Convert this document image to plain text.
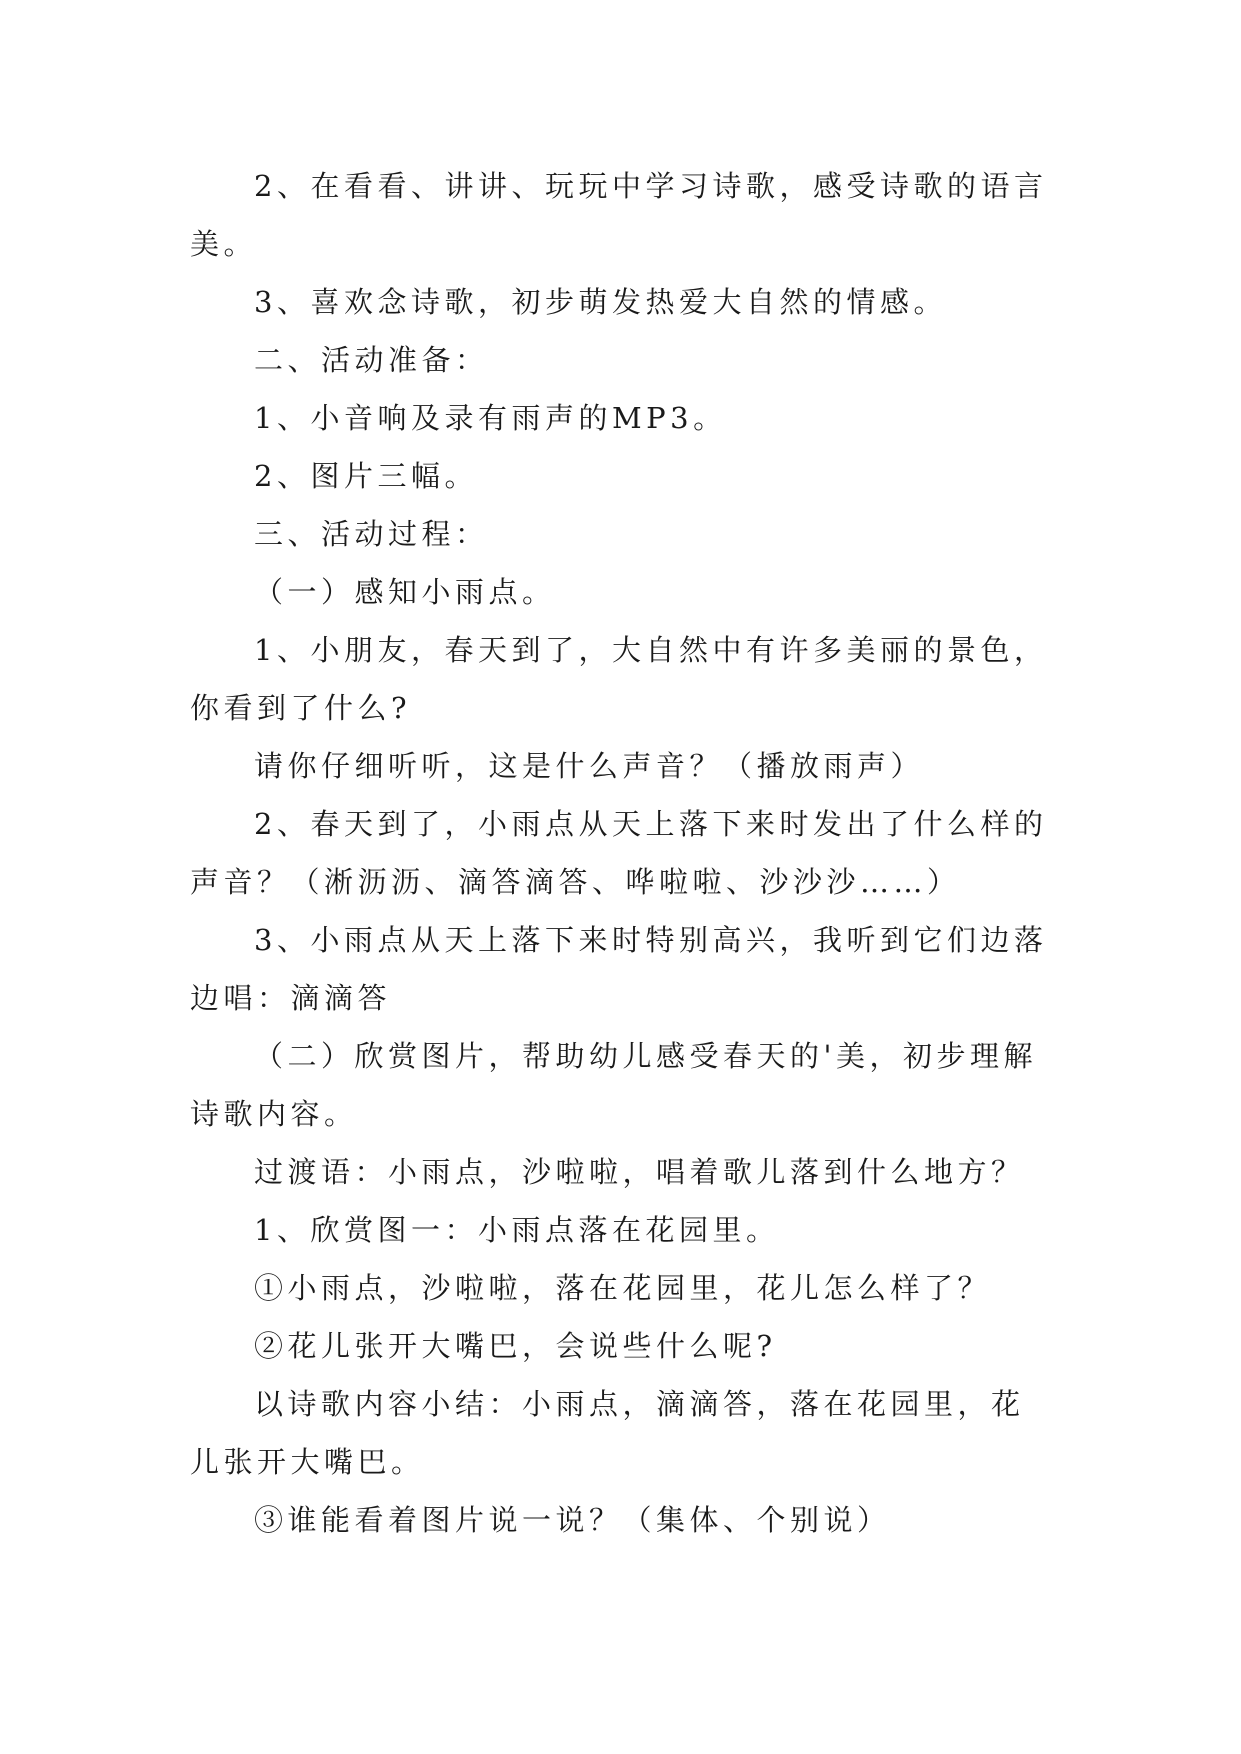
2、在看看、讲讲、玩玩中学习诗歌，感受诗歌的语言美。

3、喜欢念诗歌，初步萌发热爱大自然的情感。

二、活动准备：

1、小音响及录有雨声的MP3。

2、图片三幅。

三、活动过程：

（一）感知小雨点。

1、小朋友，春天到了，大自然中有许多美丽的景色，你看到了什么?

请你仔细听听，这是什么声音？（播放雨声）

2、春天到了，小雨点从天上落下来时发出了什么样的声音？（淅沥沥、滴答滴答、哗啦啦、沙沙沙……）

3、小雨点从天上落下来时特别高兴，我听到它们边落边唱：滴滴答

（二）欣赏图片，帮助幼儿感受春天的'美，初步理解诗歌内容。

过渡语：小雨点，沙啦啦，唱着歌儿落到什么地方？

1、欣赏图一：小雨点落在花园里。

①小雨点，沙啦啦，落在花园里，花儿怎么样了？

②花儿张开大嘴巴，会说些什么呢?

以诗歌内容小结：小雨点，滴滴答，落在花园里，花儿张开大嘴巴。

③谁能看着图片说一说？（集体、个别说）
